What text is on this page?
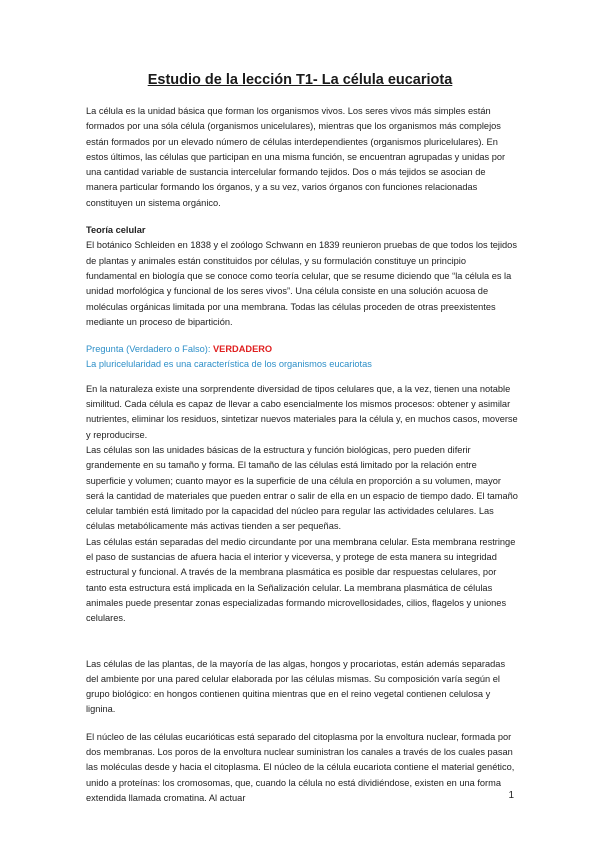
Estudio de la lección T1- La célula eucariota

La célula es la unidad básica que forman los organismos vivos. Los seres vivos más simples están formados por una sóla célula (organismos unicelulares), mientras que los organismos más complejos están formados por un elevado número de células interdependientes (organismos pluricelulares). En estos últimos, las células que participan en una misma función, se encuentran agrupadas y unidas por una cantidad variable de sustancia intercelular formando tejidos. Dos o más tejidos se asocian de manera particular formando los órganos, y a su vez, varios órganos con funciones relacionadas constituyen un sistema orgánico.

Teoría celular

El botánico Schleiden en 1838 y el zoólogo Schwann en 1839 reunieron pruebas de que todos los tejidos de plantas y animales están constituidos por células, y su formulación constituye un principio fundamental en biología que se conoce como teoría celular, que se resume diciendo que “la célula es la unidad morfológica y funcional de los seres vivos”. Una célula consiste en una solución acuosa de moléculas orgánicas limitada por una membrana. Todas las células proceden de otras preexistentes mediante un proceso de bipartición.

Pregunta (Verdadero o Falso): VERDADERO

La pluricelularidad es una característica de los organismos eucariotas

En la naturaleza existe una sorprendente diversidad de tipos celulares que, a la vez, tienen una notable similitud. Cada célula es capaz de llevar a cabo esencialmente los mismos procesos: obtener y asimilar nutrientes, eliminar los residuos, sintetizar nuevos materiales para la célula y, en muchos casos, moverse y reproducirse.

Las células son las unidades básicas de la estructura y función biológicas, pero pueden diferir grandemente en su tamaño y forma. El tamaño de las células está limitado por la relación entre superficie y volumen; cuanto mayor es la superficie de una célula en proporción a su volumen, mayor será la cantidad de materiales que pueden entrar o salir de ella en un espacio de tiempo dado. El tamaño celular también está limitado por la capacidad del núcleo para regular las actividades celulares. Las células metabólicamente más activas tienden a ser pequeñas.

Las células están separadas del medio circundante por una membrana celular. Esta membrana restringe el paso de sustancias de afuera hacia el interior y viceversa, y protege de esta manera su integridad estructural y funcional. A través de la membrana plasmática es posible dar respuestas celulares, por tanto esta estructura está implicada en la Señalización celular. La membrana plasmática de células animales puede presentar zonas especializadas formando microvellosidades, cilios, flagelos y uniones celulares.

Las células de las plantas, de la mayoría de las algas, hongos y procariotas, están además separadas del ambiente por una pared celular elaborada por las células mismas. Su composición varía según el grupo biológico: en hongos contienen quitina mientras que en el reino vegetal contienen celulosa y lignina.

El núcleo de las células eucarióticas está separado del citoplasma por la envoltura nuclear, formada por dos membranas. Los poros de la envoltura nuclear suministran los canales a través de los cuales pasan las moléculas desde y hacia el citoplasma. El núcleo de la célula eucariota contiene el material genético, unido a proteínas: los cromosomas, que, cuando la célula no está dividiéndose, existen en una forma extendida llamada cromatina. Al actuar	1
